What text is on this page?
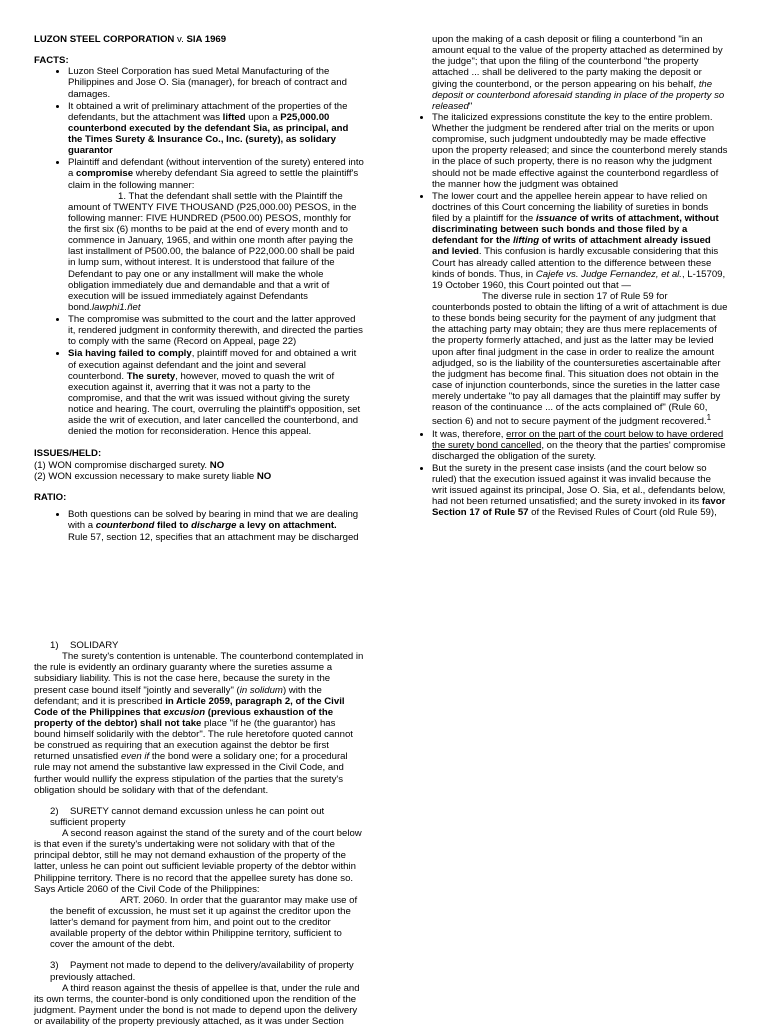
LUZON STEEL CORPORATION v. SIA 1969

FACTS:

• Luzon Steel Corporation has sued Metal Manufacturing of the Philippines and Jose O. Sia (manager), for breach of contract and damages.
• It obtained a writ of preliminary attachment of the properties of the defendants, but the attachment was lifted upon a P25,000.00 counterbond executed by the defendant Sia, as principal, and the Times Surety & Insurance Co., Inc. (surety), as solidary guarantor
• Plaintiff and defendant (without intervention of the surety) entered into a compromise whereby defendant Sia agreed to settle the plaintiff's claim in the following manner:
1. That the defendant shall settle with the Plaintiff the amount of TWENTY FIVE THOUSAND (P25,000.00) PESOS, in the following manner: FIVE HUNDRED (P500.00) PESOS, monthly for the first six (6) months to be paid at the end of every month and to commence in January, 1965, and within one month after paying the last installment of P500.00, the balance of P22,000.00 shall be paid in lump sum, without interest. It is understood that failure of the Defendant to pay one or any installment will make the whole obligation immediately due and demandable and that a writ of execution will be issued immediately against Defendants bond.lawphi1.ñet
• The compromise was submitted to the court and the latter approved it, rendered judgment in conformity therewith, and directed the parties to comply with the same (Record on Appeal, page 22)
• Sia having failed to comply, plaintiff moved for and obtained a writ of execution against defendant and the joint and several counterbond. The surety, however, moved to quash the writ of execution against it, averring that it was not a party to the compromise, and that the writ was issued without giving the surety notice and hearing. The court, overruling the plaintiff's opposition, set aside the writ of execution, and later cancelled the counterbond, and denied the motion for reconsideration. Hence this appeal.

ISSUES/HELD:

(1) WON compromise discharged surety. NO

(2) WON excussion necessary to make surety liable NO

RATIO:

• Both questions can be solved by bearing in mind that we are dealing with a counterbond filed to discharge a levy on attachment.

Rule 57, section 12, specifies that an attachment may be discharged

upon the making of a cash deposit or filing a counterbond "in an amount equal to the value of the property attached as determined by the judge"; that upon the filing of the counterbond "the property attached ... shall be delivered to the party making the deposit or giving the counterbond, or the person appearing on his behalf, the deposit or counterbond aforesaid standing in place of the property so released"

• The italicized expressions constitute the key to the entire problem. Whether the judgment be rendered after trial on the merits or upon compromise, such judgment undoubtedly may be made effective upon the property released; and since the counterbond merely stands in the place of such property, there is no reason why the judgment should not be made effective against the counterbond regardless of the manner how the judgment was obtained
• The lower court and the appellee herein appear to have relied on doctrines of this Court concerning the liability of sureties in bonds filed by a plaintiff for the issuance of writs of attachment, without discriminating between such bonds and those filed by a defendant for the lifting of writs of attachment already issued and levied. This confusion is hardly excusable considering that this Court has already called attention to the difference between these kinds of bonds. Thus, in Cajefe vs. Judge Fernandez, et al., L-15709, 19 October 1960, this Court pointed out that —
The diverse rule in section 17 of Rule 59 for counterbonds posted to obtain the lifting of a writ of attachment is due to these bonds being security for the payment of any judgment that the attaching party may obtain; they are thus mere replacements of the property formerly attached, and just as the latter may be levied upon after final judgment in the case in order to realize the amount adjudged, so is the liability of the countersureties ascertainable after the judgment has become final. This situation does not obtain in the case of injunction counterbonds, since the sureties in the latter case merely undertake "to pay all damages that the plaintiff may suffer by reason of the continuance ... of the acts complained of" (Rule 60, section 6) and not to secure payment of the judgment recovered.$^1$
• It was, therefore, error on the part of the court below to have ordered the surety bond cancelled, on the theory that the parties' compromise discharged the obligation of the surety.
• But the surety in the present case insists (and the court below so ruled) that the execution issued against it was invalid because the writ issued against its principal, Jose O. Sia, et al., defendants below, had not been returned unsatisfied; and the surety invoked in its favor Section 17 of Rule 57 of the Revised Rules of Court (old Rule 59),
1) SOLIDARY

The surety's contention is untenable. The counterbond contemplated in the rule is evidently an ordinary guaranty where the sureties assume a subsidiary liability. This is not the case here, because the surety in the present case bound itself "jointly and severally" (in solidum) with the defendant; and it is prescribed in Article 2059, paragraph 2, of the Civil Code of the Philippines that excusion (previous exhaustion of the property of the debtor) shall not take place "if he (the guarantor) has bound himself solidarily with the debtor". The rule heretofore quoted cannot be construed as requiring that an execution against the debtor be first returned unsatisfied even if the bond were a solidary one; for a procedural rule may not amend the substantive law expressed in the Civil Code, and further would nullify the express stipulation of the parties that the surety's obligation should be solidary with that of the defendant.

2) SURETY cannot demand excussion unless he can point out sufficient property

A second reason against the stand of the surety and of the court below is that even if the surety's undertaking were not solidary with that of the principal debtor, still he may not demand exhaustion of the property of the latter, unless he can point out sufficient leviable property of the debtor within Philippine territory. There is no record that the appellee surety has done so. Says Article 2060 of the Civil Code of the Philippines:

ART. 2060. In order that the guarantor may make use of the benefit of excussion, he must set it up against the creditor upon the latter's demand for payment from him, and point out to the creditor available property of the debtor within Philippine territory, sufficient to cover the amount of the debt.

3) Payment not made to depend to the delivery/availability of property previously attached.

A third reason against the thesis of appellee is that, under the rule and its own terms, the counter-bond is only conditioned upon the rendition of the judgment. Payment under the bond is not made to depend upon the delivery or availability of the property previously attached, as it was under Section
